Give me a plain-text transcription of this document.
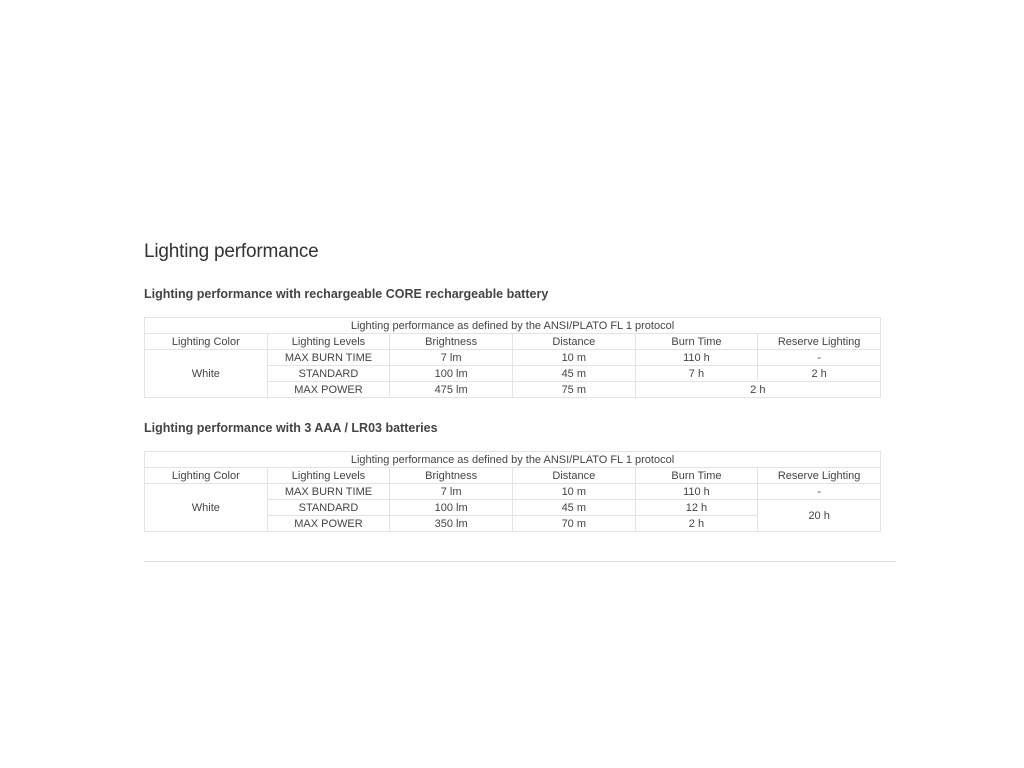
Lighting performance
Lighting performance with rechargeable CORE rechargeable battery
Lighting performance as defined by the ANSI/PLATO FL 1 protocol					
Lighting Color	Lighting Levels	Brightness	Distance	Burn Time	Reserve Lighting
White	MAX BURN TIME	7 lm	10 m	110 h	-
	STANDARD	100 lm	45 m	7 h	2 h
	MAX POWER	475 lm	75 m	2 h	
Lighting performance with 3 AAA / LR03 batteries
Lighting performance as defined by the ANSI/PLATO FL 1 protocol					
Lighting Color	Lighting Levels	Brightness	Distance	Burn Time	Reserve Lighting
White	MAX BURN TIME	7 lm	10 m	110 h	-
	STANDARD	100 lm	45 m	12 h	20 h
	MAX POWER	350 lm	70 m	2 h	
